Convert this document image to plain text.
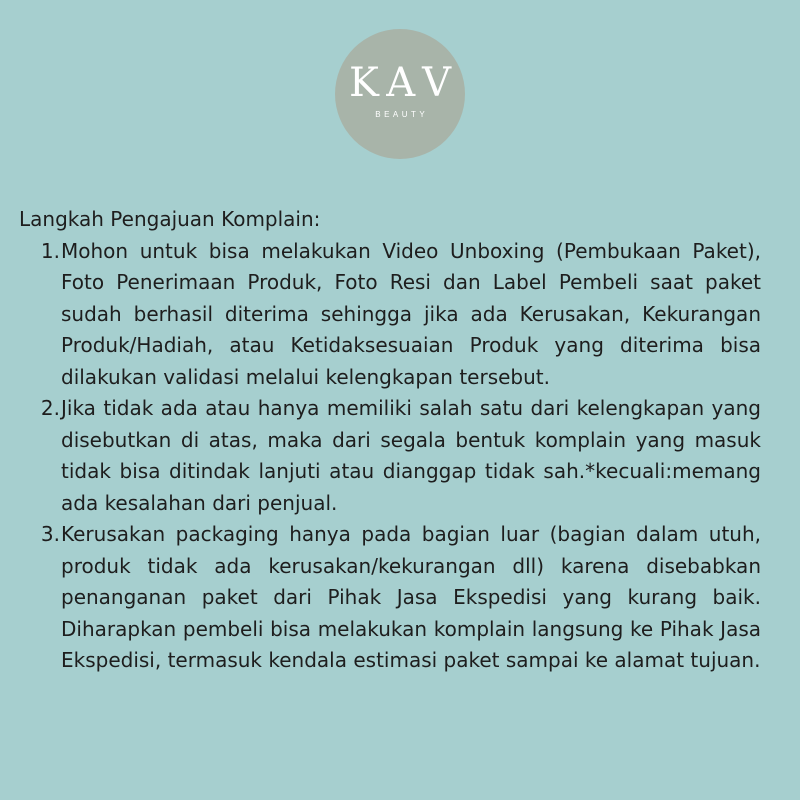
KAV
BEAUTY
Langkah Pengajuan Komplain:
1. Mohon untuk bisa melakukan Video Unboxing (Pembukaan Paket), Foto Penerimaan Produk, Foto Resi dan Label Pembeli saat paket sudah berhasil diterima sehingga jika ada Kerusakan, Kekurangan Produk/Hadiah, atau Ketidaksesuaian Produk yang diterima bisa dilakukan validasi melalui kelengkapan tersebut.
2. Jika tidak ada atau hanya memiliki salah satu dari kelengkapan yang disebutkan di atas, maka dari segala bentuk komplain yang masuk tidak bisa ditindak lanjuti atau dianggap tidak sah.*kecuali:memang ada kesalahan dari penjual.
3. Kerusakan packaging hanya pada bagian luar (bagian dalam utuh, produk tidak ada kerusakan/kekurangan dll) karena disebabkan penanganan paket dari Pihak Jasa Ekspedisi yang kurang baik. Diharapkan pembeli bisa melakukan komplain langsung ke Pihak Jasa Ekspedisi, termasuk kendala estimasi paket sampai ke alamat tujuan.
